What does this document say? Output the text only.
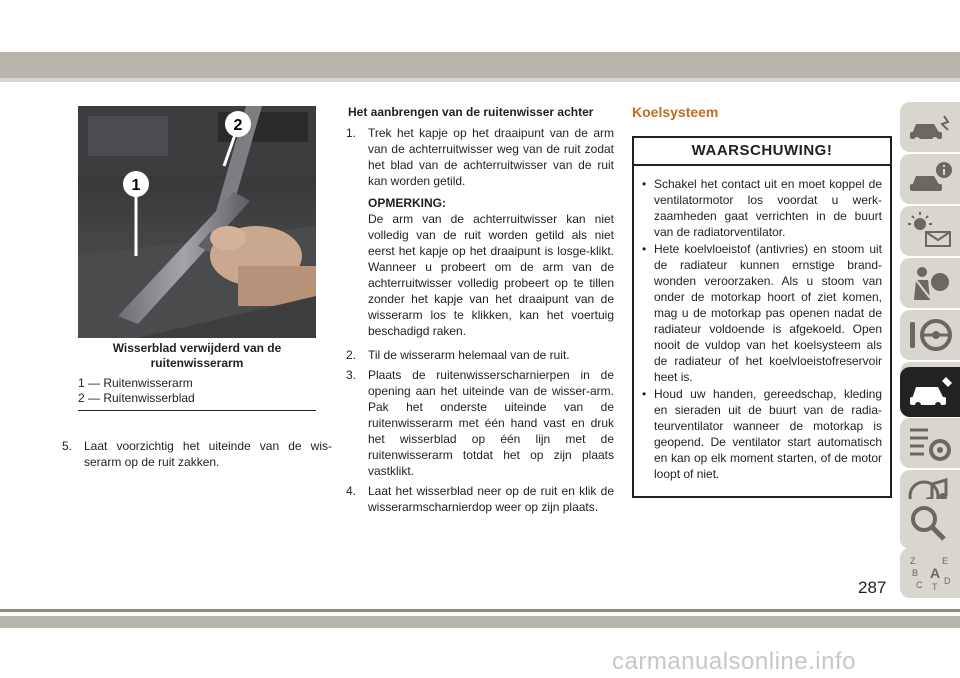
1
2
Wisserblad verwijderd van de ruitenwisserarm
1 — Ruitenwisserarm
2 — Ruitenwisserblad
5. Laat voorzichtig het uiteinde van de wis-serarm op de ruit zakken.
Het aanbrengen van de ruitenwisser achter
1. Trek het kapje op het draaipunt van de arm van de achterruitwisser weg van de ruit zodat het blad van de achterruitwisser van de ruit kan worden getild.
OPMERKING:
De arm van de achterruitwisser kan niet volledig van de ruit worden getild als niet eerst het kapje op het draaipunt is losge-klikt. Wanneer u probeert om de arm van de achterruitwisser volledig probeert op te tillen zonder het kapje van het draaipunt van de wisserarm los te klikken, kan het voertuig beschadigd raken.
2. Til de wisserarm helemaal van de ruit.
3. Plaats de ruitenwisserscharnierpen in de opening aan het uiteinde van de wisser-arm. Pak het onderste uiteinde van de ruitenwisserarm met één hand vast en druk het wisserblad op één lijn met de ruitenwisserarm totdat het op zijn plaats vastklikt.
4. Laat het wisserblad neer op de ruit en klik de wisserarmscharnierdop weer op zijn plaats.
Koelsysteem
WAARSCHUWING!
• Schakel het contact uit en moet koppel de ventilatormotor los voordat u werk-zaamheden gaat verrichten in de buurt van de radiatorventilator.
• Hete koelvloeistof (antivries) en stoom uit de radiateur kunnen ernstige brand-wonden veroorzaken. Als u stoom van onder de motorkap hoort of ziet komen, mag u de motorkap pas openen nadat de radiateur voldoende is afgekoeld. Open nooit de vuldop van het koelsysteem als de radiateur of het koelvloeistofreservoir heet is.
• Houd uw handen, gereedschap, kleding en sieraden uit de buurt van de radia-teurventilator wanneer de motorkap is geopend. De ventilator start automatisch en kan op elk moment starten, of de motor loopt of niet.
Z	E
B A
C D
T
287
carmanualsonline.info
